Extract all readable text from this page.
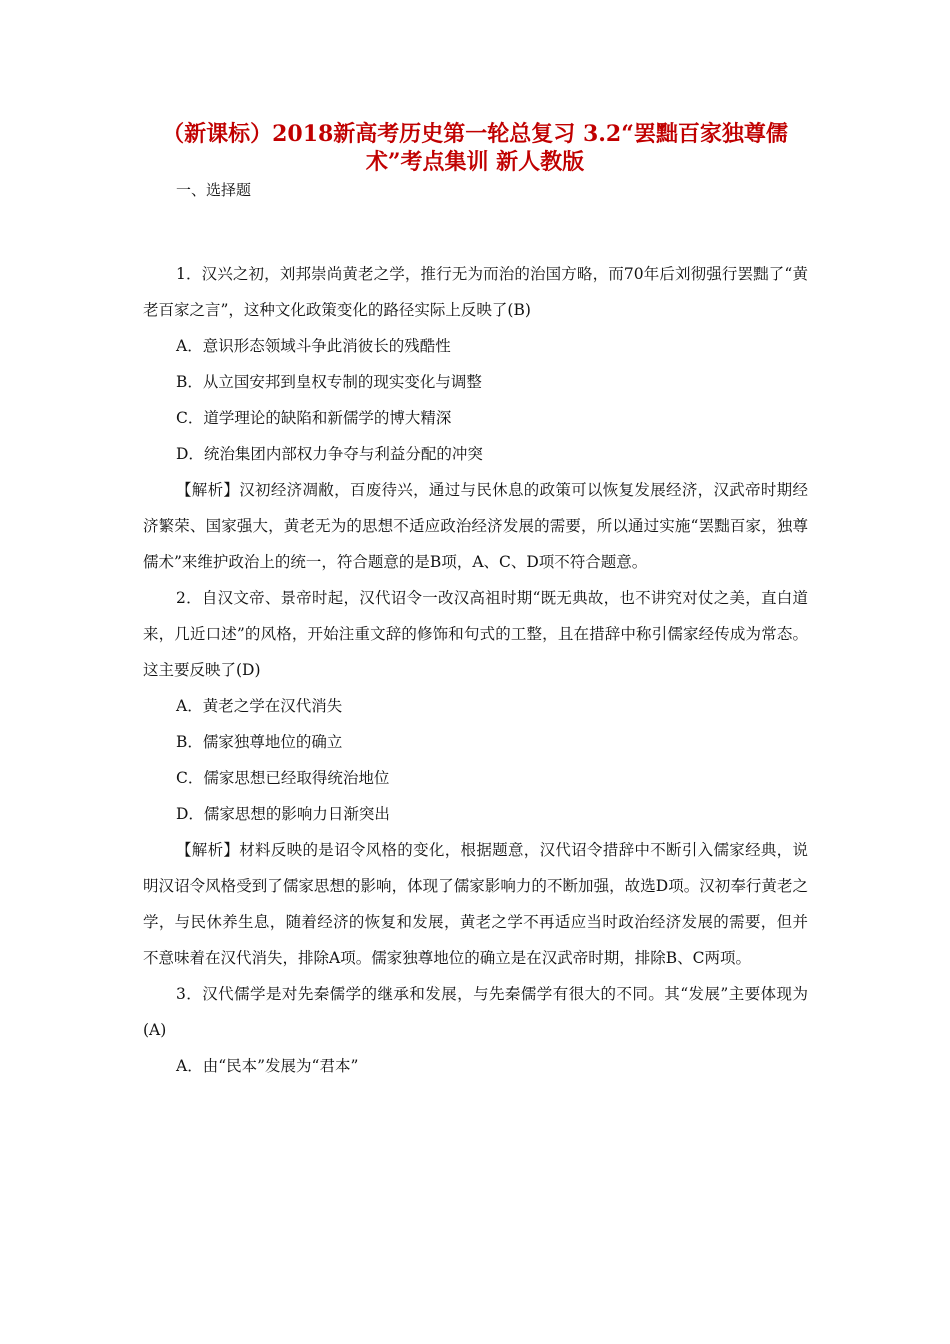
（新课标）2018新高考历史第一轮总复习 3.2“罢黜百家独尊儒
术”考点集训 新人教版
一、选择题

1．汉兴之初，刘邦崇尚黄老之学，推行无为而治的治国方略，而70年后刘彻强行罢黜了“黄老百家之言”，这种文化政策变化的路径实际上反映了(B)

A．意识形态领域斗争此消彼长的残酷性

B．从立国安邦到皇权专制的现实变化与调整

C．道学理论的缺陷和新儒学的博大精深

D．统治集团内部权力争夺与利益分配的冲突

【解析】汉初经济凋敝，百废待兴，通过与民休息的政策可以恢复发展经济，汉武帝时期经济繁荣、国家强大，黄老无为的思想不适应政治经济发展的需要，所以通过实施“罢黜百家，独尊儒术”来维护政治上的统一，符合题意的是B项，A、C、D项不符合题意。

2．自汉文帝、景帝时起，汉代诏令一改汉高祖时期“既无典故，也不讲究对仗之美，直白道来，几近口述”的风格，开始注重文辞的修饰和句式的工整，且在措辞中称引儒家经传成为常态。这主要反映了(D)

A．黄老之学在汉代消失

B．儒家独尊地位的确立

C．儒家思想已经取得统治地位

D．儒家思想的影响力日渐突出

【解析】材料反映的是诏令风格的变化，根据题意，汉代诏令措辞中不断引入儒家经典，说明汉诏令风格受到了儒家思想的影响，体现了儒家影响力的不断加强，故选D项。汉初奉行黄老之学，与民休养生息，随着经济的恢复和发展，黄老之学不再适应当时政治经济发展的需要，但并不意味着在汉代消失，排除A项。儒家独尊地位的确立是在汉武帝时期，排除B、C两项。

3．汉代儒学是对先秦儒学的继承和发展，与先秦儒学有很大的不同。其“发展”主要体现为(A)

A．由“民本”发展为“君本”
